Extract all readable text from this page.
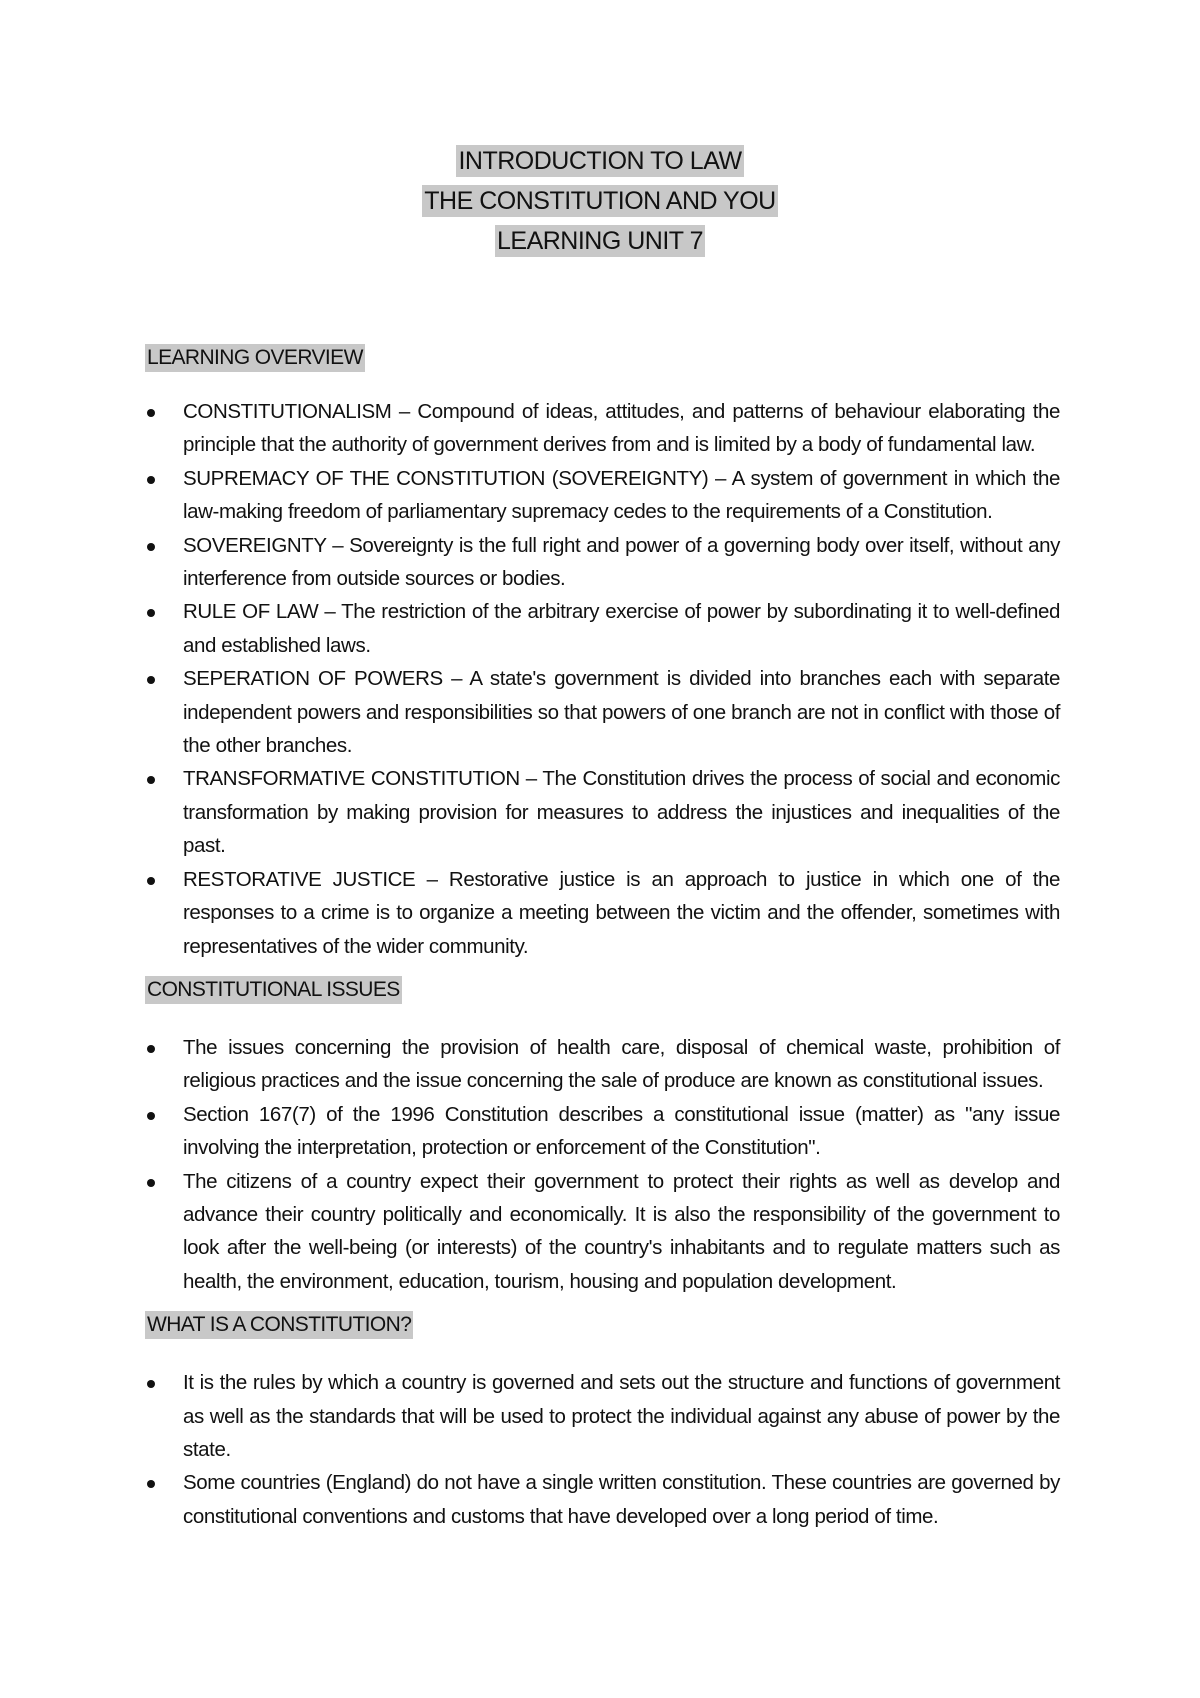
INTRODUCTION TO LAW
THE CONSTITUTION AND YOU
LEARNING UNIT 7

LEARNING OVERVIEW

CONSTITUTIONALISM – Compound of ideas, attitudes, and patterns of behaviour elaborating the principle that the authority of government derives from and is limited by a body of fundamental law.
SUPREMACY OF THE CONSTITUTION (SOVEREIGNTY) – A system of government in which the law-making freedom of parliamentary supremacy cedes to the requirements of a Constitution.
SOVEREIGNTY – Sovereignty is the full right and power of a governing body over itself, without any interference from outside sources or bodies.
RULE OF LAW – The restriction of the arbitrary exercise of power by subordinating it to well-defined and established laws.
SEPERATION OF POWERS – A state's government is divided into branches each with separate independent powers and responsibilities so that powers of one branch are not in conflict with those of the other branches.
TRANSFORMATIVE CONSTITUTION – The Constitution drives the process of social and economic transformation by making provision for measures to address the injustices and inequalities of the past.
RESTORATIVE JUSTICE – Restorative justice is an approach to justice in which one of the responses to a crime is to organize a meeting between the victim and the offender, sometimes with representatives of the wider community.

CONSTITUTIONAL ISSUES

The issues concerning the provision of health care, disposal of chemical waste, prohibition of religious practices and the issue concerning the sale of produce are known as constitutional issues.
Section 167(7) of the 1996 Constitution describes a constitutional issue (matter) as "any issue involving the interpretation, protection or enforcement of the Constitution".
The citizens of a country expect their government to protect their rights as well as develop and advance their country politically and economically. It is also the responsibility of the government to look after the well-being (or interests) of the country's inhabitants and to regulate matters such as health, the environment, education, tourism, housing and population development.

WHAT IS A CONSTITUTION?

It is the rules by which a country is governed and sets out the structure and functions of government as well as the standards that will be used to protect the individual against any abuse of power by the state.
Some countries (England) do not have a single written constitution. These countries are governed by constitutional conventions and customs that have developed over a long period of time.
